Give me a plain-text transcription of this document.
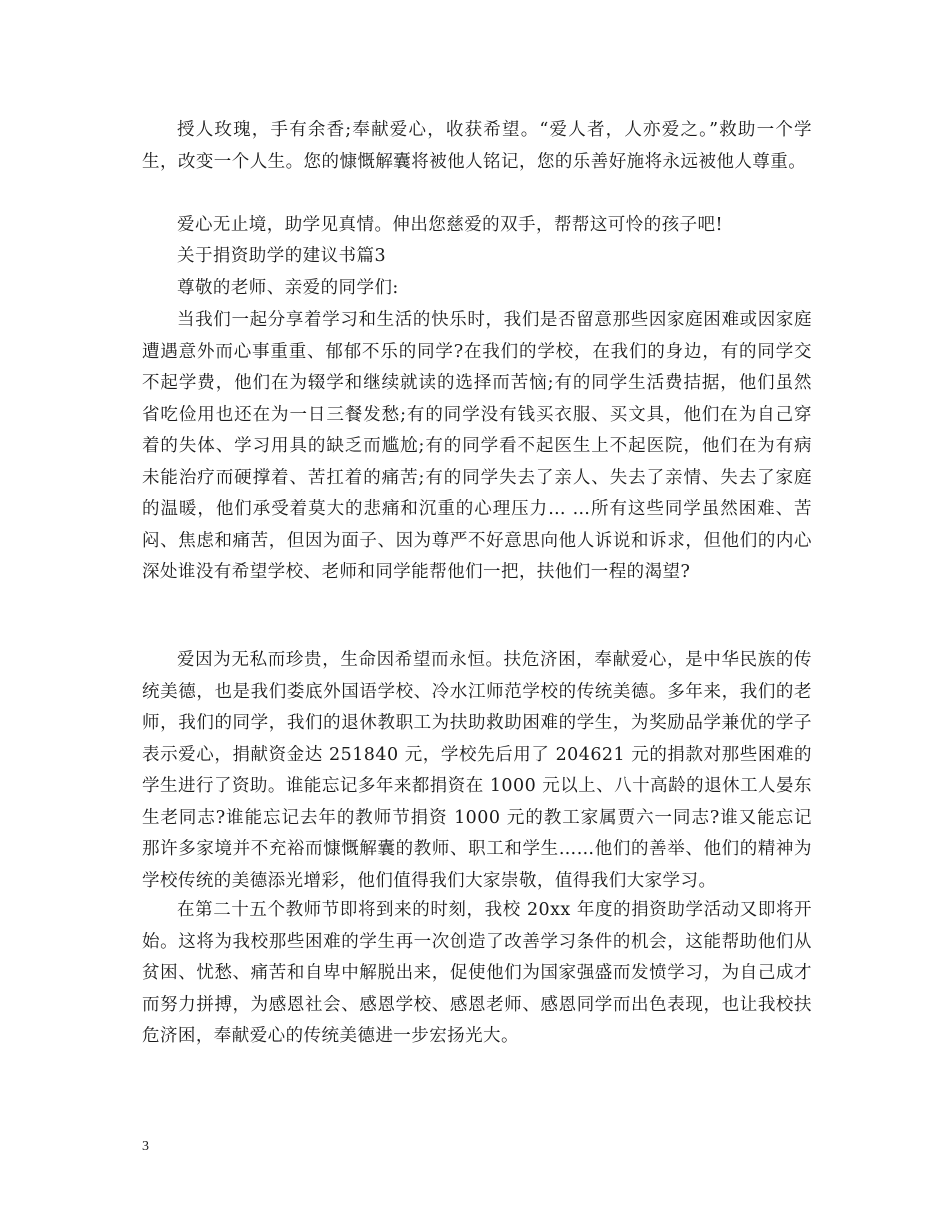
授人玫瑰，手有余香;奉献爱心，收获希望。“爱人者，人亦爱之。”救助一个学生，改变一个人生。您的慷慨解囊将被他人铭记，您的乐善好施将永远被他人尊重。

爱心无止境，助学见真情。伸出您慈爱的双手，帮帮这可怜的孩子吧!

关于捐资助学的建议书篇3

尊敬的老师、亲爱的同学们:

当我们一起分享着学习和生活的快乐时，我们是否留意那些因家庭困难或因家庭遭遇意外而心事重重、郁郁不乐的同学?在我们的学校，在我们的身边，有的同学交不起学费，他们在为辍学和继续就读的选择而苦恼;有的同学生活费拮据，他们虽然省吃俭用也还在为一日三餐发愁;有的同学没有钱买衣服、买文具，他们在为自己穿着的失体、学习用具的缺乏而尴尬;有的同学看不起医生上不起医院，他们在为有病未能治疗而硬撑着、苦扛着的痛苦;有的同学失去了亲人、失去了亲情、失去了家庭的温暖，他们承受着莫大的悲痛和沉重的心理压力… …所有这些同学虽然困难、苦闷、焦虑和痛苦，但因为面子、因为尊严不好意思向他人诉说和诉求，但他们的内心深处谁没有希望学校、老师和同学能帮他们一把，扶他们一程的渴望?

爱因为无私而珍贵，生命因希望而永恒。扶危济困，奉献爱心，是中华民族的传统美德，也是我们娄底外国语学校、冷水江师范学校的传统美德。多年来，我们的老师，我们的同学，我们的退休教职工为扶助救助困难的学生，为奖励品学兼优的学子表示爱心，捐献资金达 251840 元，学校先后用了 204621 元的捐款对那些困难的学生进行了资助。谁能忘记多年来都捐资在 1000 元以上、八十高龄的退休工人晏东生老同志?谁能忘记去年的教师节捐资 1000 元的教工家属贾六一同志?谁又能忘记那许多家境并不充裕而慷慨解囊的教师、职工和学生……他们的善举、他们的精神为学校传统的美德添光增彩，他们值得我们大家崇敬，值得我们大家学习。

在第二十五个教师节即将到来的时刻，我校 20xx 年度的捐资助学活动又即将开始。这将为我校那些困难的学生再一次创造了改善学习条件的机会，这能帮助他们从贫困、忧愁、痛苦和自卑中解脱出来，促使他们为国家强盛而发愤学习，为自己成才而努力拼搏，为感恩社会、感恩学校、感恩老师、感恩同学而出色表现，也让我校扶危济困，奉献爱心的传统美德进一步宏扬光大。

3
